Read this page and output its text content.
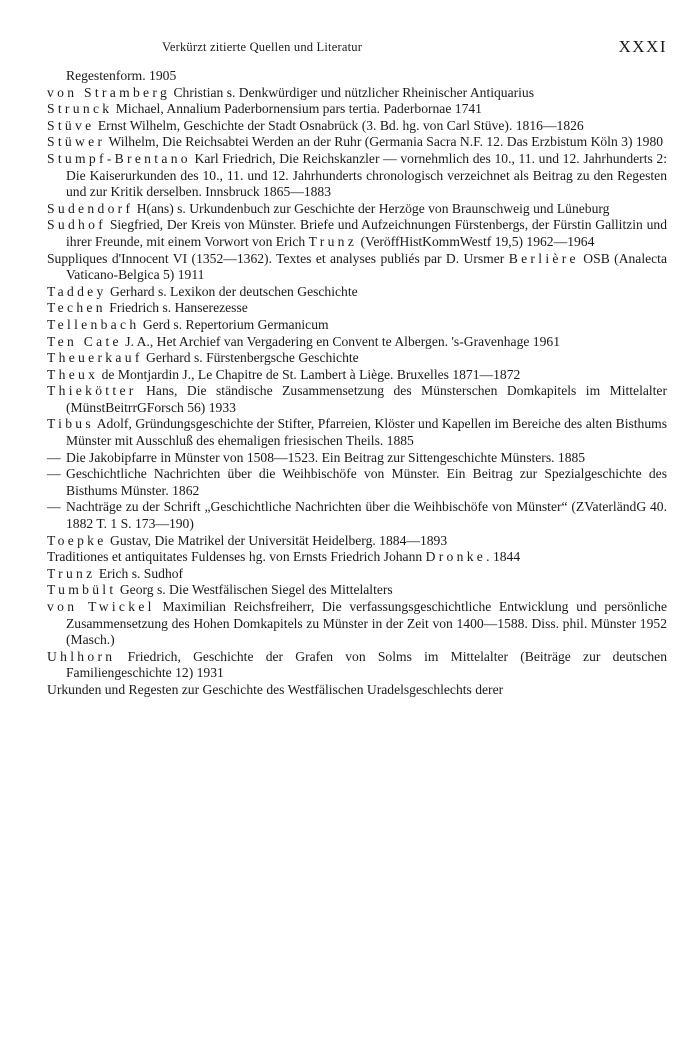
Verkürzt zitierte Quellen und Literatur	XXXI
Regestenform. 1905
von Stramberg Christian s. Denkwürdiger und nützlicher Rheinischer Antiquarius
Strunck Michael, Annalium Paderbornensium pars tertia. Paderbornae 1741
Stüve Ernst Wilhelm, Geschichte der Stadt Osnabrück (3. Bd. hg. von Carl Stüve). 1816—1826
Stüwer Wilhelm, Die Reichsabtei Werden an der Ruhr (Germania Sacra N.F. 12. Das Erzbistum Köln 3) 1980
Stumpf-Brentano Karl Friedrich, Die Reichskanzler — vornehmlich des 10., 11. und 12. Jahrhunderts 2: Die Kaiserurkunden des 10., 11. und 12. Jahrhunderts chronologisch verzeichnet als Beitrag zu den Regesten und zur Kritik derselben. Innsbruck 1865—1883
Sudendorf H(ans) s. Urkundenbuch zur Geschichte der Herzöge von Braunschweig und Lüneburg
Sudhof Siegfried, Der Kreis von Münster. Briefe und Aufzeichnungen Fürstenbergs, der Fürstin Gallitzin und ihrer Freunde, mit einem Vorwort von Erich Trunz (VeröffHistKommWestf 19,5) 1962—1964
Suppliques d'Innocent VI (1352—1362). Textes et analyses publiés par D. Ursmer Berlière OSB (Analecta Vaticano-Belgica 5) 1911
Taddey Gerhard s. Lexikon der deutschen Geschichte
Techen Friedrich s. Hanserezesse
Tellenbach Gerd s. Repertorium Germanicum
Ten Cate J. A., Het Archief van Vergadering en Convent te Albergen. 's-Gravenhage 1961
Theuerkauf Gerhard s. Fürstenbergsche Geschichte
Theux de Montjardin J., Le Chapitre de St. Lambert à Liège. Bruxelles 1871—1872
Thiekötter Hans, Die ständische Zusammensetzung des Münsterschen Domkapitels im Mittelalter (MünstBeitrrGForsch 56) 1933
Tibus Adolf, Gründungsgeschichte der Stifter, Pfarreien, Klöster und Kapellen im Bereiche des alten Bisthums Münster mit Ausschluß des ehemaligen friesischen Theils. 1885
— Die Jakobipfarre in Münster von 1508—1523. Ein Beitrag zur Sittengeschichte Münsters. 1885
— Geschichtliche Nachrichten über die Weihbischöfe von Münster. Ein Beitrag zur Spezialgeschichte des Bisthums Münster. 1862
— Nachträge zu der Schrift „Geschichtliche Nachrichten über die Weihbischöfe von Münster“ (ZVaterländG 40. 1882 T. 1 S. 173—190)
Toepke Gustav, Die Matrikel der Universität Heidelberg. 1884—1893
Traditiones et antiquitates Fuldenses hg. von Ernsts Friedrich Johann Dronke. 1844
Trunz Erich s. Sudhof
Tumbült Georg s. Die Westfälischen Siegel des Mittelalters
von Twickel Maximilian Reichsfreiherr, Die verfassungsgeschichtliche Entwicklung und persönliche Zusammensetzung des Hohen Domkapitels zu Münster in der Zeit von 1400—1588. Diss. phil. Münster 1952 (Masch.)
Uhlhorn Friedrich, Geschichte der Grafen von Solms im Mittelalter (Beiträge zur deutschen Familiengeschichte 12) 1931
Urkunden und Regesten zur Geschichte des Westfälischen Uradelsgeschlechts derer
